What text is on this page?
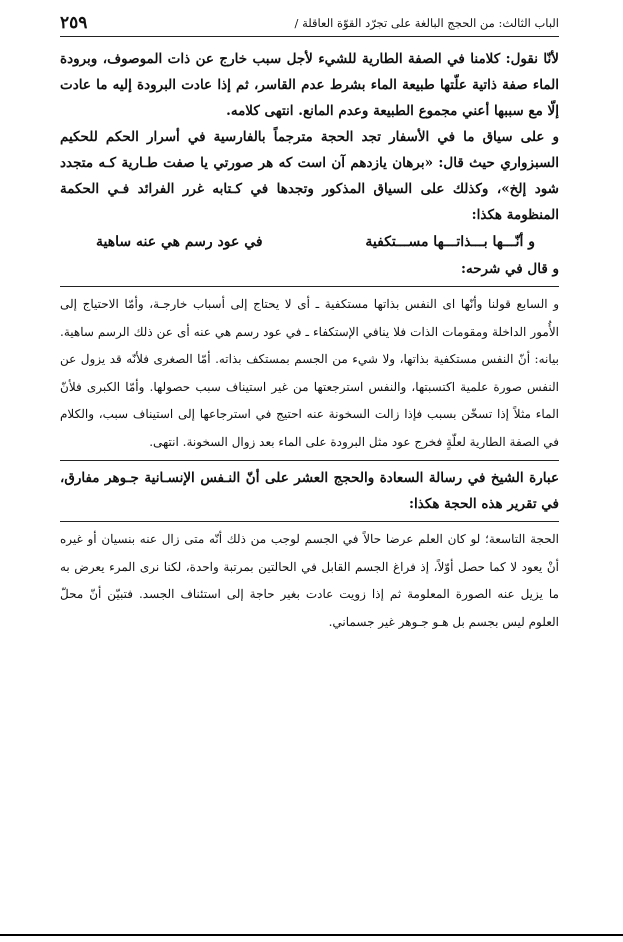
الباب الثالث: من الحجج البالغة على تجرّد القوّة العاقلة /
٢٥٩

لأنّا نقول: كلامنا في الصفة الطارية للشيء لأجل سبب خارج عن ذات الموصوف، وبرودة الماء صفة ذاتية علّتها طبيعة الماء بشرط عدم القاسر، ثم إذا عادت البرودة إليه ما عادت إلّا مع سببها أعني مجموع الطبيعة وعدم المانع. انتهى كلامه.

و على سياق ما في الأسفار تجد الحجة مترجماً بالفارسية في أسرار الحكم للحكيم السبزواري حيث قال: «برهان يازدهم آن است كه هر صورتي يا صفت طـارية كـه متجدد شود إلخ»، وكذلك على السياق المذكور وتجدها في كـتابه غرر الفرائد فـي الحكمة المنظومة هكذا:

و أنّـــها بـــذاتـــها مســـتكفية
في عود رسم هي عنه ساهية

و قال في شرحه:

و السابع قولنا وأنّها اى النفس بذاتها مستكفية ـ أى لا يحتاج إلى أسباب خارجـة، وأمّا الاحتياج إلى الأُمور الداخلة ومقومات الذات فلا ينافي الإستكفاء ـ في عود رسم هي عنه أى عن ذلك الرسم ساهية. بيانه: أنّ النفس مستكفية بذاتها، ولا شيء من الجسم بمستكف بذاته. أمّا الصغرى فلأنّه قد يزول عن النفس صورة علمية اكتسبتها، والنفس استرجعتها من غير استيناف سبب حصولها. وأمّا الكبرى فلأنّ الماء مثلاً إذا تسخّن بسبب فإذا زالت السخونة عنه احتيج في استرجاعها إلى استيناف سبب، والكلام في الصفة الطارية لعلّةٍ فخرج عود مثل البرودة على الماء بعد زوال السخونة. انتهى.

عبارة الشيخ في رسالة السعادة والحجج العشر على أنّ النـفس الإنسـانية جـوهر مفارق، في تقرير هذه الحجة هكذا:

الحجة التاسعة؛ لو كان العلم عرضا حالاً في الجسم لوجب من ذلك أنّه متى زال عنه بنسيان أو غيره أنْ يعود لا كما حصل أوّلاً، إذ فراغ الجسم القابل في الحالتين بمرتبة واحدة، لكنا نرى المرء يعرض به ما يزيل عنه الصورة المعلومة ثم إذا زويت عادت بغير حاجة إلى استئناف الجسد. فتبيّن أنّ محلّ العلوم ليس بجسم بل هـو جـوهر غير جسماني.
